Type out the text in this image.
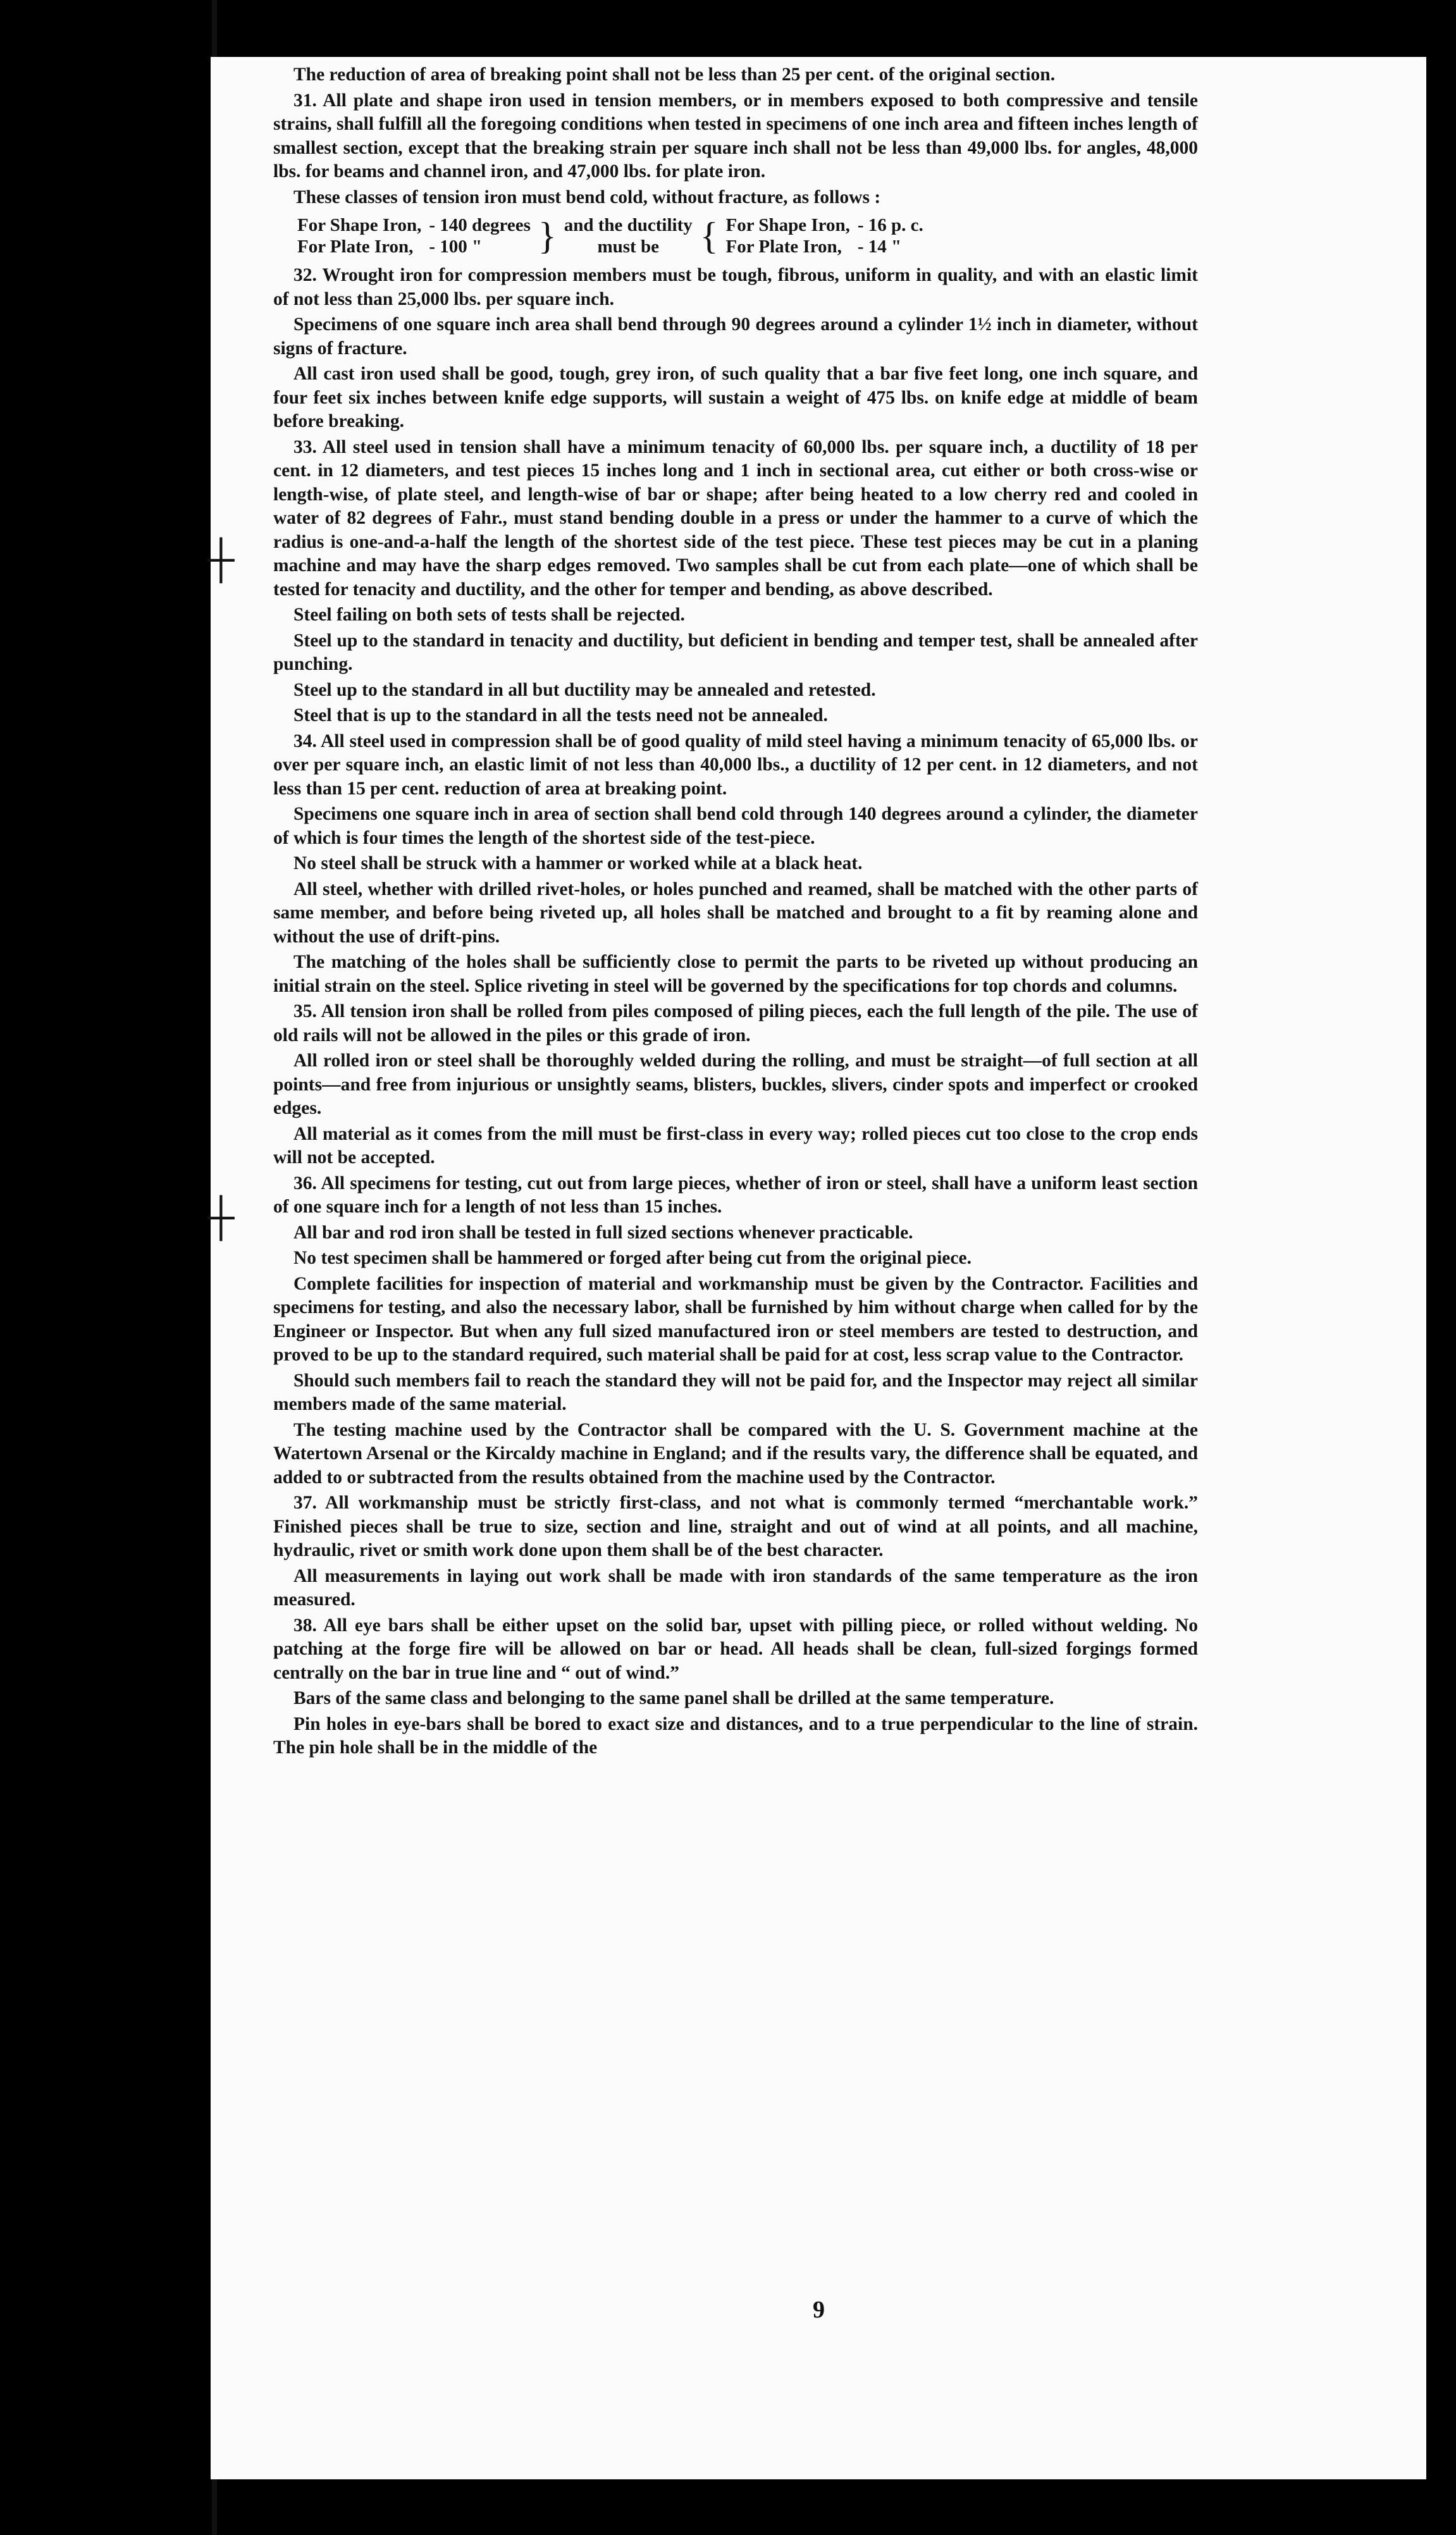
┼
┼

The reduction of area of breaking point shall not be less than 25 per cent. of the original section.

31. All plate and shape iron used in tension members, or in members exposed to both compressive and tensile strains, shall fulfill all the foregoing conditions when tested in specimens of one inch area and fifteen inches length of smallest section, except that the breaking strain per square inch shall not be less than 49,000 lbs. for angles, 48,000 lbs. for beams and channel iron, and 47,000 lbs. for plate iron.

These classes of tension iron must bend cold, without fracture, as follows :

For Shape Iron,	- 140 degrees	}	and the ductility	{	For Shape Iron,	- 16 p. c.
For Plate Iron,	- 100 "		must be		For Plate Iron,	- 14 "

32. Wrought iron for compression members must be tough, fibrous, uniform in quality, and with an elastic limit of not less than 25,000 lbs. per square inch.

Specimens of one square inch area shall bend through 90 degrees around a cylinder 1½ inch in diameter, without signs of fracture.

All cast iron used shall be good, tough, grey iron, of such quality that a bar five feet long, one inch square, and four feet six inches between knife edge supports, will sustain a weight of 475 lbs. on knife edge at middle of beam before breaking.

33. All steel used in tension shall have a minimum tenacity of 60,000 lbs. per square inch, a ductility of 18 per cent. in 12 diameters, and test pieces 15 inches long and 1 inch in sectional area, cut either or both cross-wise or length-wise, of plate steel, and length-wise of bar or shape; after being heated to a low cherry red and cooled in water of 82 degrees of Fahr., must stand bending double in a press or under the hammer to a curve of which the radius is one-and-a-half the length of the shortest side of the test piece. These test pieces may be cut in a planing machine and may have the sharp edges removed. Two samples shall be cut from each plate—one of which shall be tested for tenacity and ductility, and the other for temper and bending, as above described.

Steel failing on both sets of tests shall be rejected.

Steel up to the standard in tenacity and ductility, but deficient in bending and temper test, shall be annealed after punching.

Steel up to the standard in all but ductility may be annealed and retested.

Steel that is up to the standard in all the tests need not be annealed.

34. All steel used in compression shall be of good quality of mild steel having a minimum tenacity of 65,000 lbs. or over per square inch, an elastic limit of not less than 40,000 lbs., a ductility of 12 per cent. in 12 diameters, and not less than 15 per cent. reduction of area at breaking point.

Specimens one square inch in area of section shall bend cold through 140 degrees around a cylinder, the diameter of which is four times the length of the shortest side of the test-piece.

No steel shall be struck with a hammer or worked while at a black heat.

All steel, whether with drilled rivet-holes, or holes punched and reamed, shall be matched with the other parts of same member, and before being riveted up, all holes shall be matched and brought to a fit by reaming alone and without the use of drift-pins.

The matching of the holes shall be sufficiently close to permit the parts to be riveted up without producing an initial strain on the steel. Splice riveting in steel will be governed by the specifications for top chords and columns.

35. All tension iron shall be rolled from piles composed of piling pieces, each the full length of the pile. The use of old rails will not be allowed in the piles or this grade of iron.

All rolled iron or steel shall be thoroughly welded during the rolling, and must be straight—of full section at all points—and free from injurious or unsightly seams, blisters, buckles, slivers, cinder spots and imperfect or crooked edges.

All material as it comes from the mill must be first-class in every way; rolled pieces cut too close to the crop ends will not be accepted.

36. All specimens for testing, cut out from large pieces, whether of iron or steel, shall have a uniform least section of one square inch for a length of not less than 15 inches.

All bar and rod iron shall be tested in full sized sections whenever practicable.

No test specimen shall be hammered or forged after being cut from the original piece.

Complete facilities for inspection of material and workmanship must be given by the Contractor. Facilities and specimens for testing, and also the necessary labor, shall be furnished by him without charge when called for by the Engineer or Inspector. But when any full sized manufactured iron or steel members are tested to destruction, and proved to be up to the standard required, such material shall be paid for at cost, less scrap value to the Contractor.

Should such members fail to reach the standard they will not be paid for, and the Inspector may reject all similar members made of the same material.

The testing machine used by the Contractor shall be compared with the U. S. Government machine at the Watertown Arsenal or the Kircaldy machine in England; and if the results vary, the difference shall be equated, and added to or subtracted from the results obtained from the machine used by the Contractor.

37. All workmanship must be strictly first-class, and not what is commonly termed “merchantable work.” Finished pieces shall be true to size, section and line, straight and out of wind at all points, and all machine, hydraulic, rivet or smith work done upon them shall be of the best character.

All measurements in laying out work shall be made with iron standards of the same temperature as the iron measured.

38. All eye bars shall be either upset on the solid bar, upset with pilling piece, or rolled without welding. No patching at the forge fire will be allowed on bar or head. All heads shall be clean, full-sized forgings formed centrally on the bar in true line and “ out of wind.”

Bars of the same class and belonging to the same panel shall be drilled at the same temperature.

Pin holes in eye-bars shall be bored to exact size and distances, and to a true perpendicular to the line of strain. The pin hole shall be in the middle of the

9
